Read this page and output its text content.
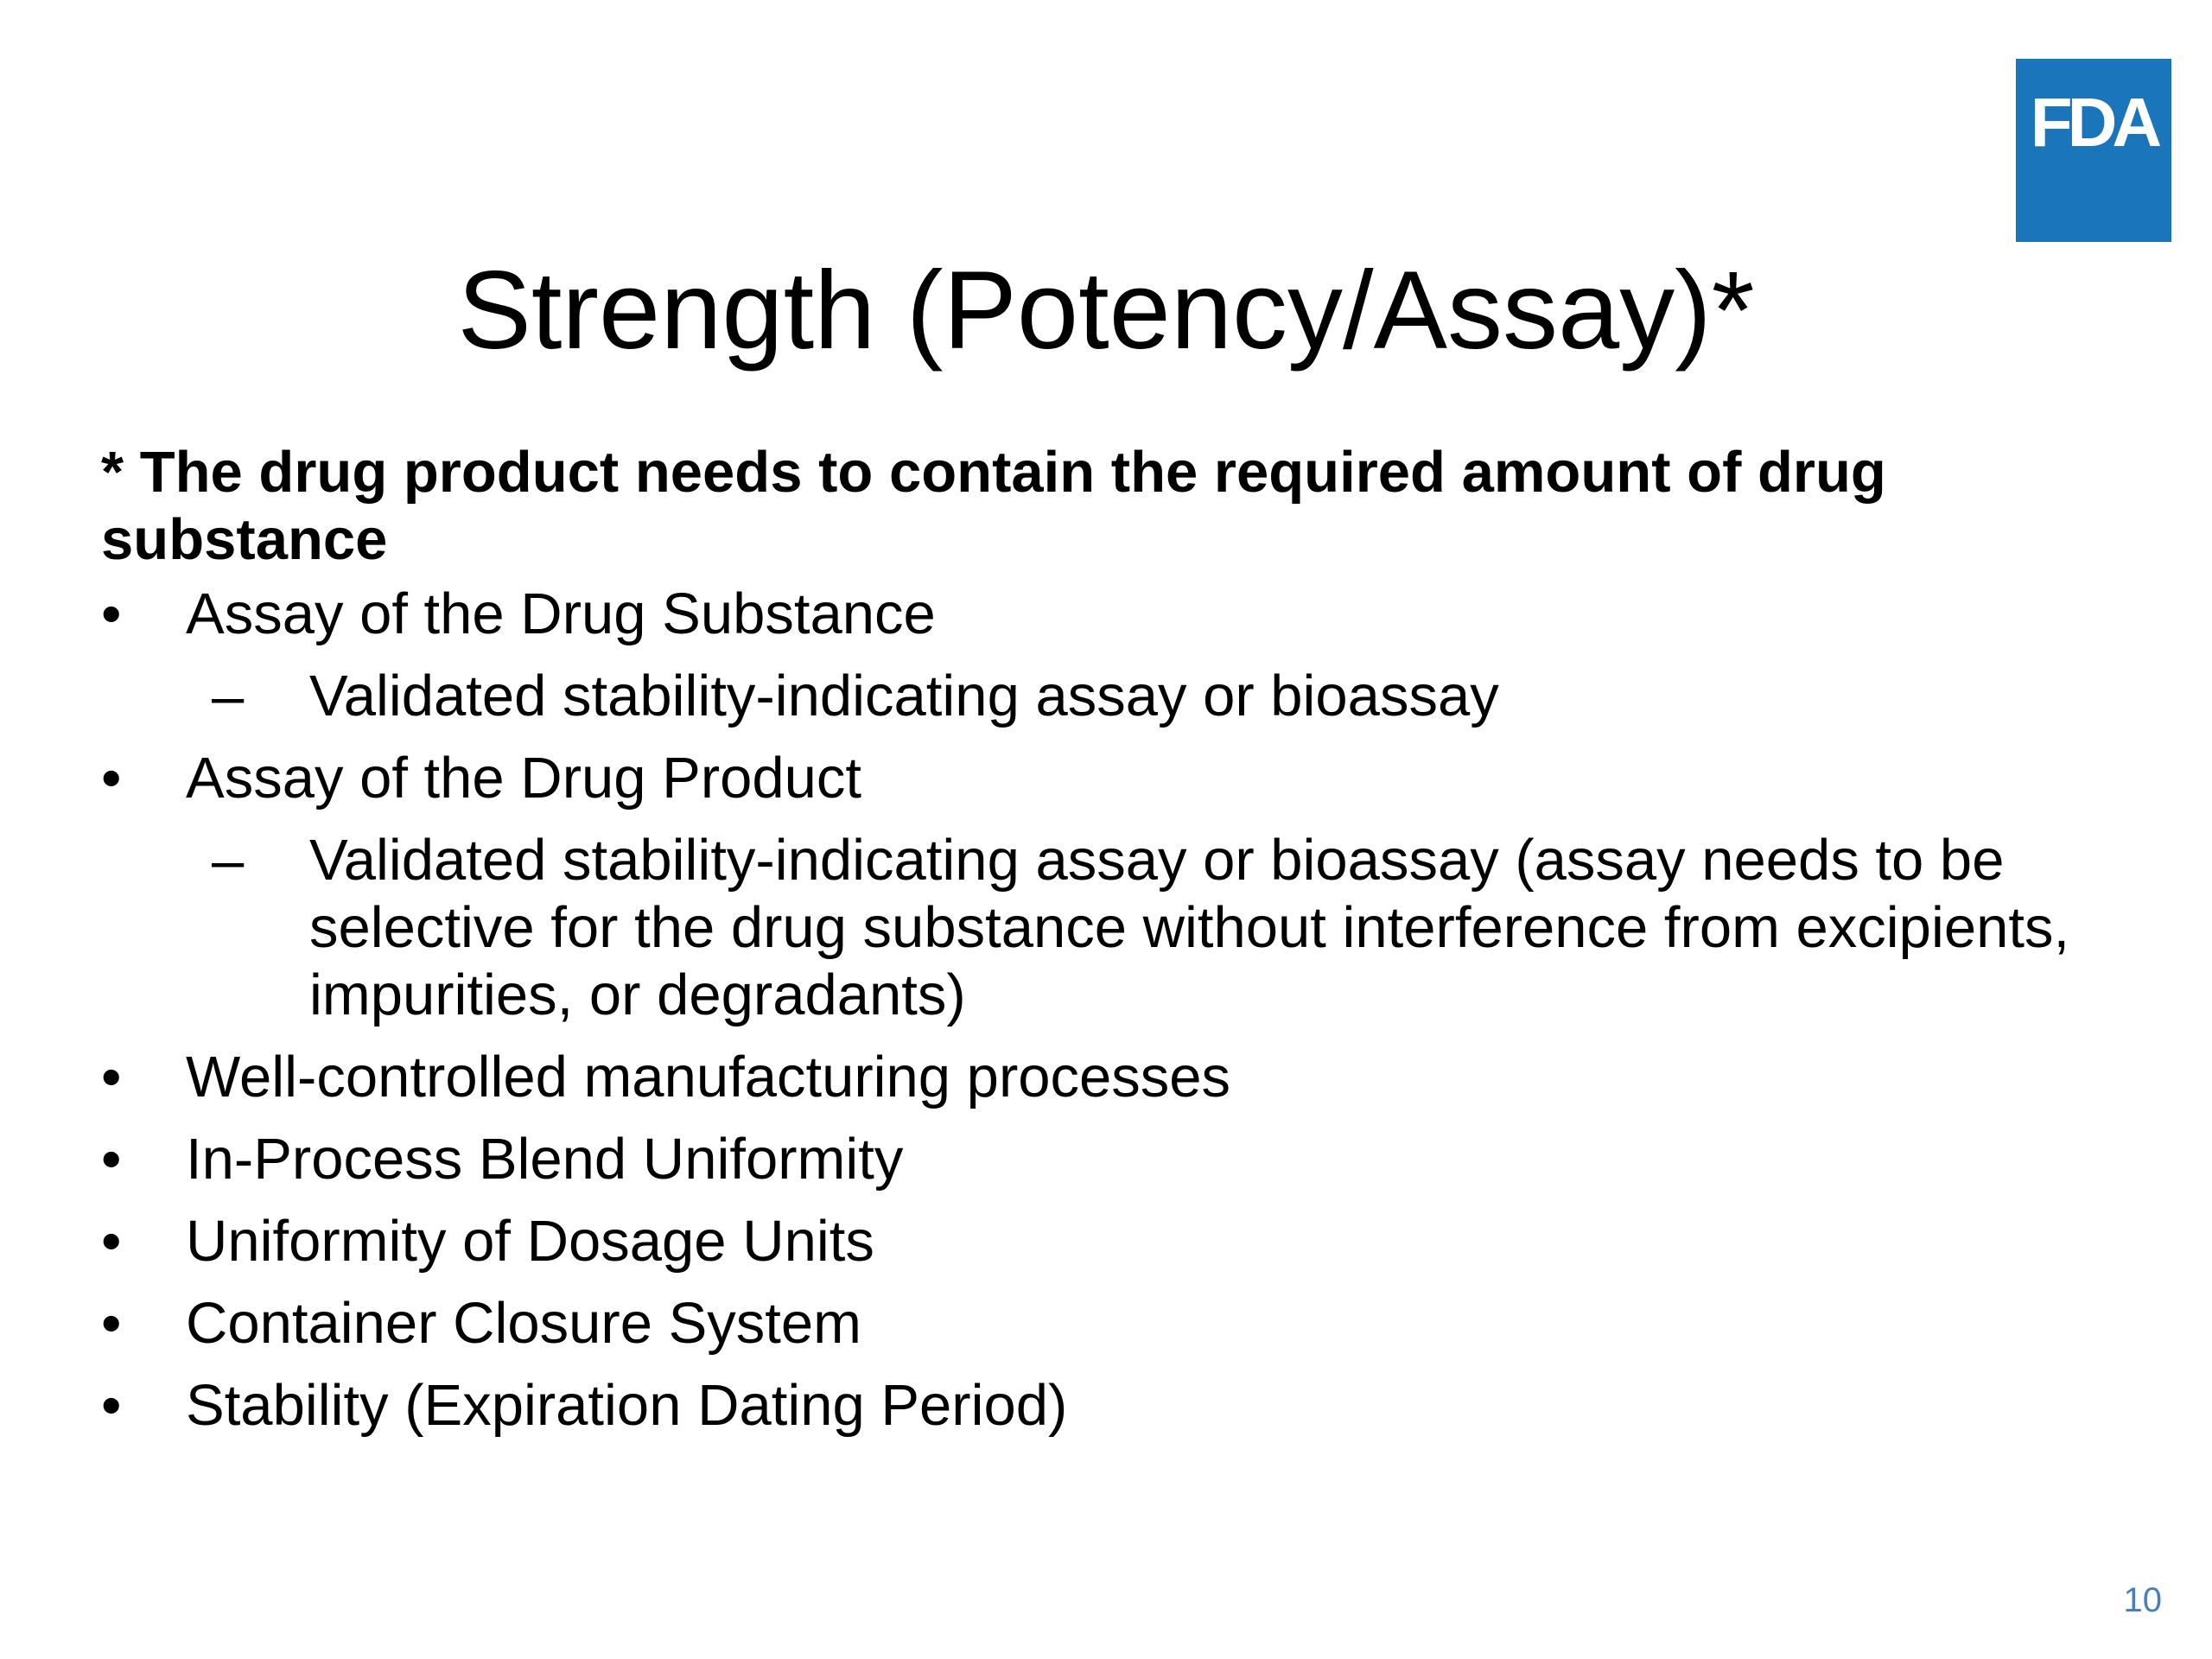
FDA
Strength (Potency/Assay)*
* The drug product needs to contain the required amount of drug substance
• Assay of the Drug Substance
– Validated stability-indicating assay or bioassay
• Assay of the Drug Product
– Validated stability-indicating assay or bioassay (assay needs to be selective for the drug substance without interference from excipients, impurities, or degradants)
• Well-controlled manufacturing processes
• In-Process Blend Uniformity
• Uniformity of Dosage Units
• Container Closure System
• Stability (Expiration Dating Period)
10
